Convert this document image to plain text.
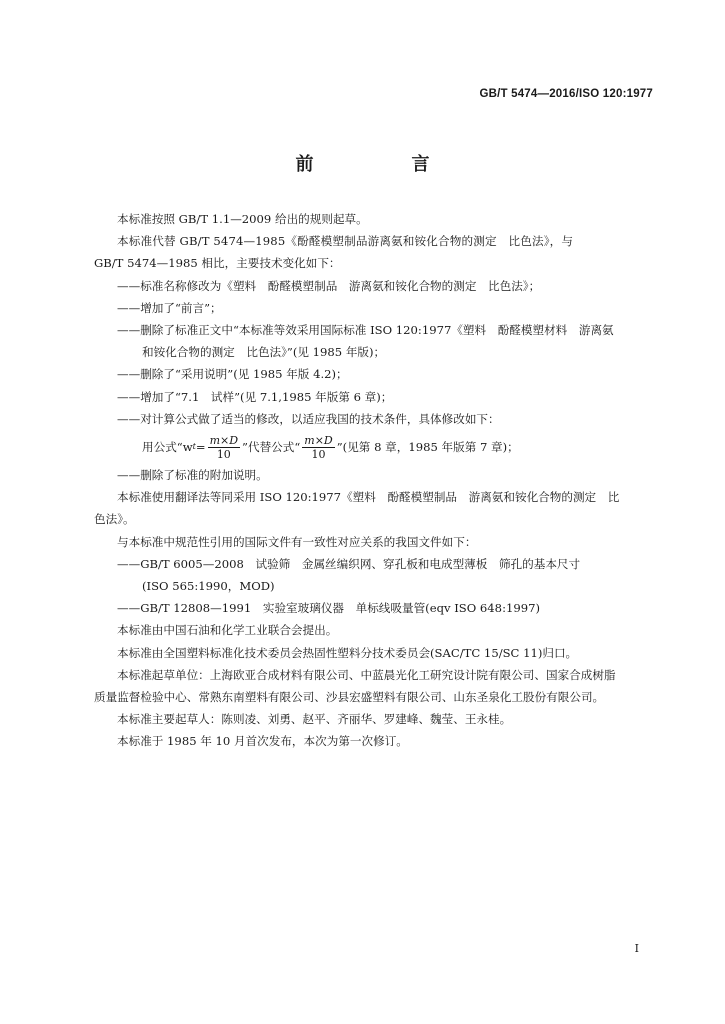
GB/T 5474—2016/ISO 120:1977
前　言

本标准按照 GB/T 1.1—2009 给出的规则起草。

本标准代替 GB/T 5474—1985《酚醛模塑制品游离氨和铵化合物的测定　比色法》，与

GB/T 5474—1985 相比，主要技术变化如下：

——标准名称修改为《塑料　酚醛模塑制品　游离氨和铵化合物的测定　比色法》；

——增加了“前言”；

——删除了标准正文中“本标准等效采用国际标准 ISO 120:1977《塑料　酚醛模塑材料　游离氨

和铵化合物的测定　比色法》”(见 1985 年版)；

——删除了“采用说明”(见 1985 年版 4.2)；

——增加了“7.1　试样”(见 7.1,1985 年版第 6 章)；

——对计算公式做了适当的修改，以适应我国的技术条件，具体修改如下：

用公式“w $t = \frac{m\times D}{10}$ ”代替公式“ $\frac{m\times D}{10}$ ”(见第 8 章，1985 年版第 7 章)；

——删除了标准的附加说明。

本标准使用翻译法等同采用 ISO 120:1977《塑料　酚醛模塑制品　游离氨和铵化合物的测定　比

色法》。

与本标准中规范性引用的国际文件有一致性对应关系的我国文件如下：

——GB/T 6005—2008　试验筛　金属丝编织网、穿孔板和电成型薄板　筛孔的基本尺寸

(ISO 565:1990，MOD)

——GB/T 12808—1991　实验室玻璃仪器　单标线吸量管(eqv ISO 648:1997)

本标准由中国石油和化学工业联合会提出。

本标准由全国塑料标准化技术委员会热固性塑料分技术委员会(SAC/TC 15/SC 11)归口。

本标准起草单位：上海欧亚合成材料有限公司、中蓝晨光化工研究设计院有限公司、国家合成树脂

质量监督检验中心、常熟东南塑料有限公司、沙县宏盛塑料有限公司、山东圣泉化工股份有限公司。

本标准主要起草人：陈则凌、刘勇、赵平、齐丽华、罗建峰、魏莹、王永桂。

本标准于 1985 年 10 月首次发布，本次为第一次修订。

I
